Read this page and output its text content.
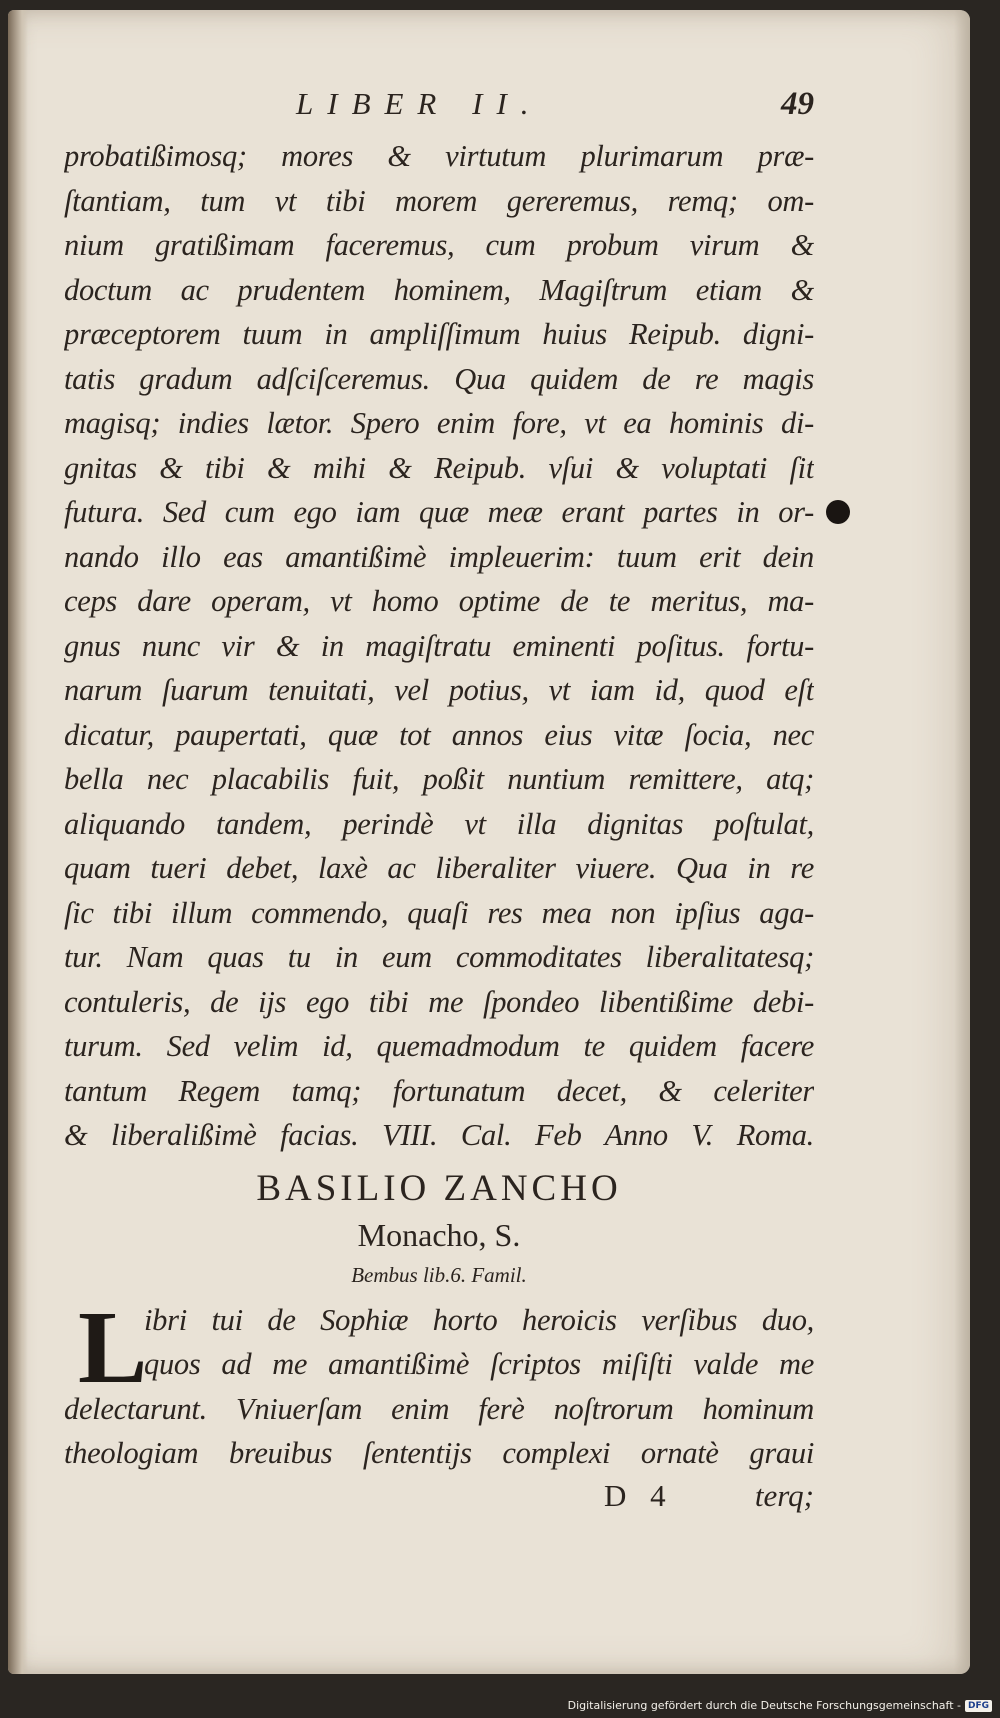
LIBER II.	49
probatißimosq; mores & virtutum plurimarum præ-
ſtantiam, tum vt tibi morem gereremus, remq; om-
nium gratißimam faceremus, cum probum virum &
doctum ac prudentem hominem, Magiſtrum etiam &
præceptorem tuum in ampliſſimum huius Reipub. digni-
tatis gradum adſciſceremus. Qua quidem de re magis
magisq; indies lætor. Spero enim fore, vt ea hominis di-
gnitas & tibi & mihi & Reipub. vſui & voluptati ſit
futura. Sed cum ego iam quæ meæ erant partes in or-
nando illo eas amantißimè impleuerim: tuum erit dein
ceps dare operam, vt homo optime de te meritus, ma-
gnus nunc vir & in magiſtratu eminenti poſitus. fortu-
narum ſuarum tenuitati, vel potius, vt iam id, quod eſt
dicatur, paupertati, quæ tot annos eius vitæ ſocia, nec
bella nec placabilis fuit, poßit nuntium remittere, atq;
aliquando tandem, perindè vt illa dignitas poſtulat,
quam tueri debet, laxè ac liberaliter viuere. Qua in re
ſic tibi illum commendo, quaſi res mea non ipſius aga-
tur. Nam quas tu in eum commoditates liberalitatesq;
contuleris, de ijs ego tibi me ſpondeo libentißime debi-
turum. Sed velim id, quemadmodum te quidem facere
tantum Regem tamq; fortunatum decet, & celeriter
& liberalißimè facias. VIII. Cal. Feb Anno V. Roma.
BASILIO ZANCHO
Monacho, S.
Bembus lib.6. Famil.
L
ibri tui de Sophiæ horto heroicis verſibus duo,
quos ad me amantißimè ſcriptos miſiſti valde me
delectarunt. Vniuerſam enim ferè noſtrorum hominum
theologiam breuibus ſententijs complexi ornatè graui
D 4	terq;
Digitalisierung gefördert durch die Deutsche Forschungsgemeinschaft - DFG
